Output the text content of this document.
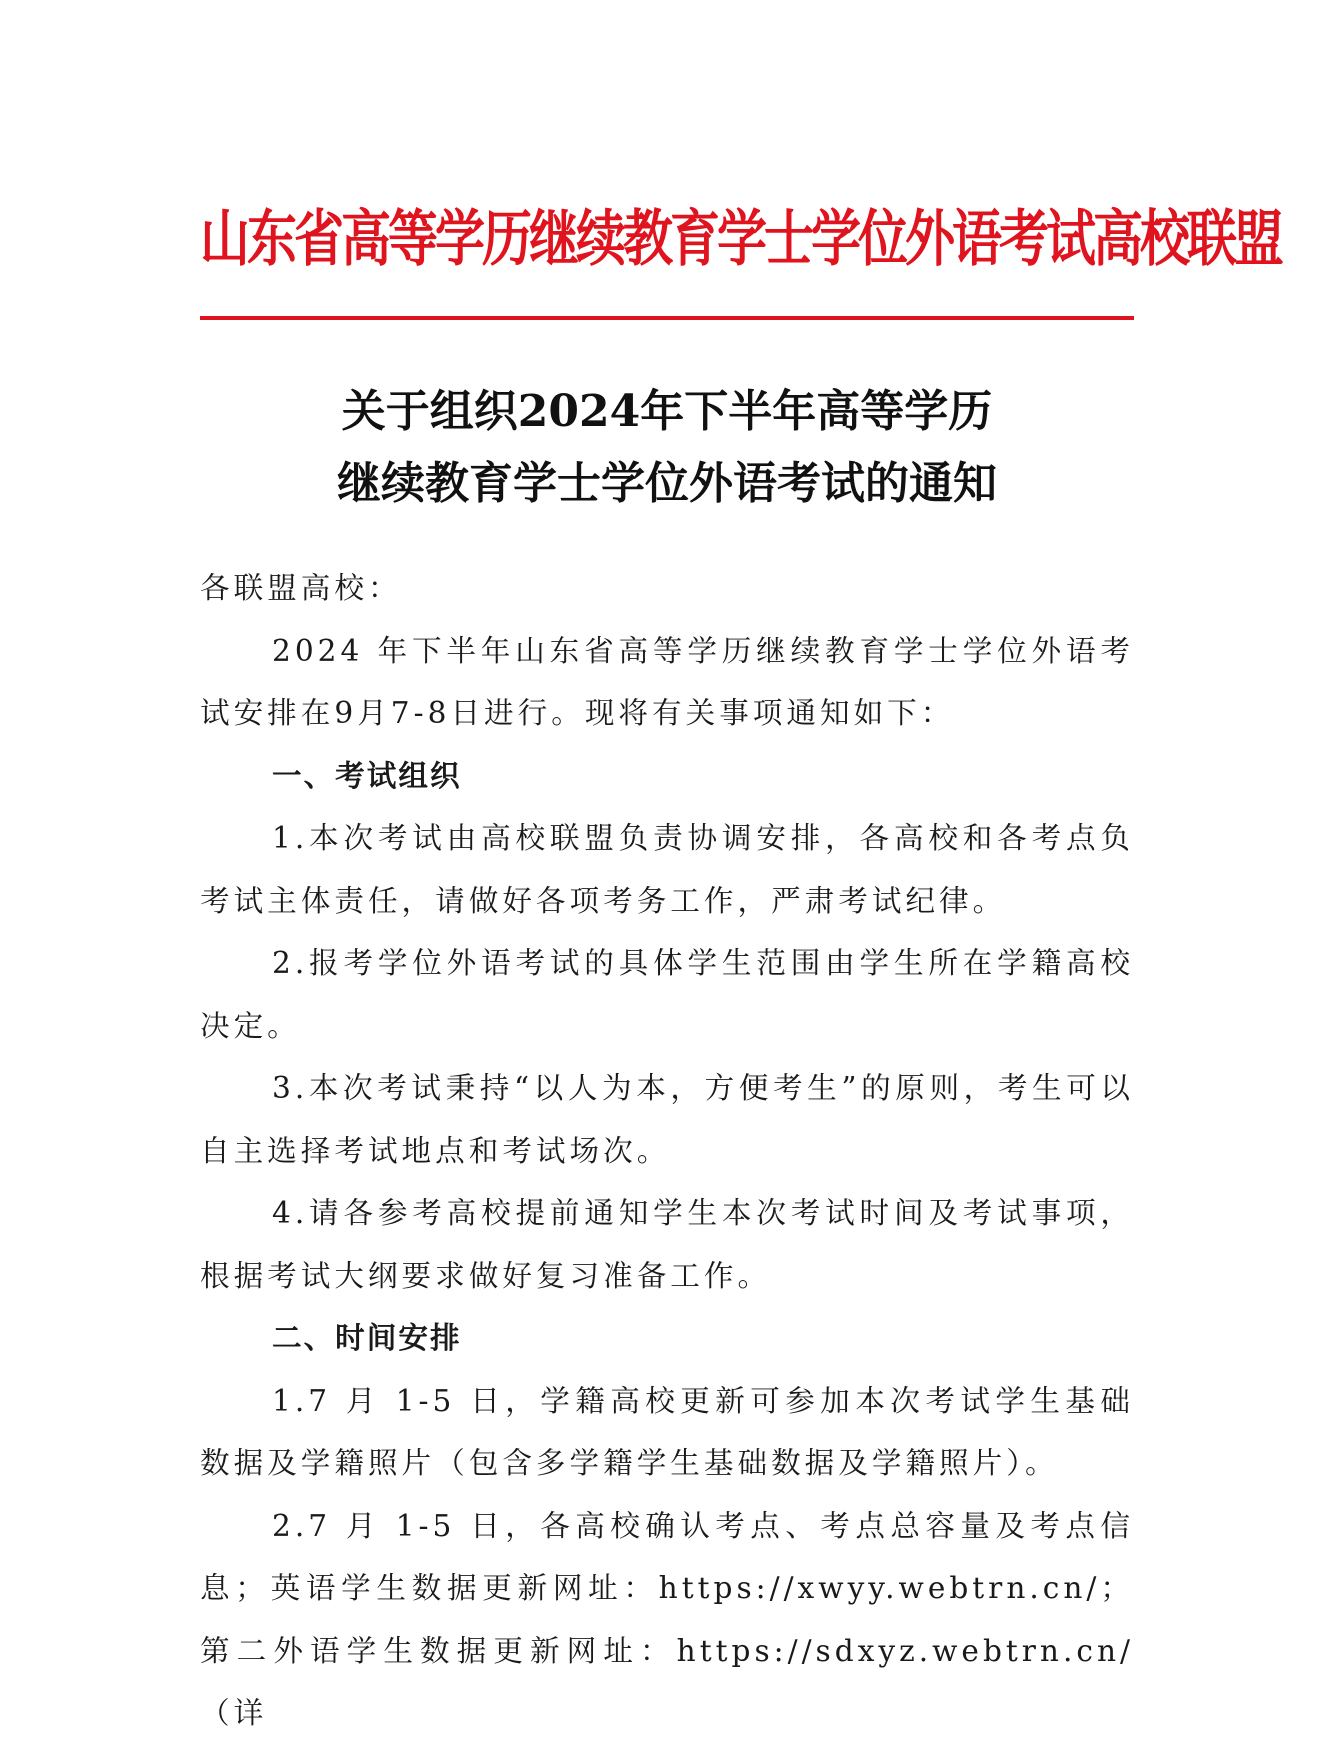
山东省高等学历继续教育学士学位外语考试高校联盟
关于组织2024年下半年高等学历
继续教育学士学位外语考试的通知

各联盟高校：

2024 年下半年山东省高等学历继续教育学士学位外语考试安排在9月7-8日进行。现将有关事项通知如下：

一、考试组织

1.本次考试由高校联盟负责协调安排，各高校和各考点负考试主体责任，请做好各项考务工作，严肃考试纪律。

2.报考学位外语考试的具体学生范围由学生所在学籍高校决定。

3.本次考试秉持“以人为本，方便考生”的原则，考生可以自主选择考试地点和考试场次。

4.请各参考高校提前通知学生本次考试时间及考试事项，根据考试大纲要求做好复习准备工作。

二、时间安排

1.7 月 1-5 日，学籍高校更新可参加本次考试学生基础数据及学籍照片（包含多学籍学生基础数据及学籍照片）。

2.7 月 1-5 日，各高校确认考点、考点总容量及考点信息；英语学生数据更新网址：https://xwyy.webtrn.cn/；第二外语学生数据更新网址：https://sdxyz.webtrn.cn/（详
